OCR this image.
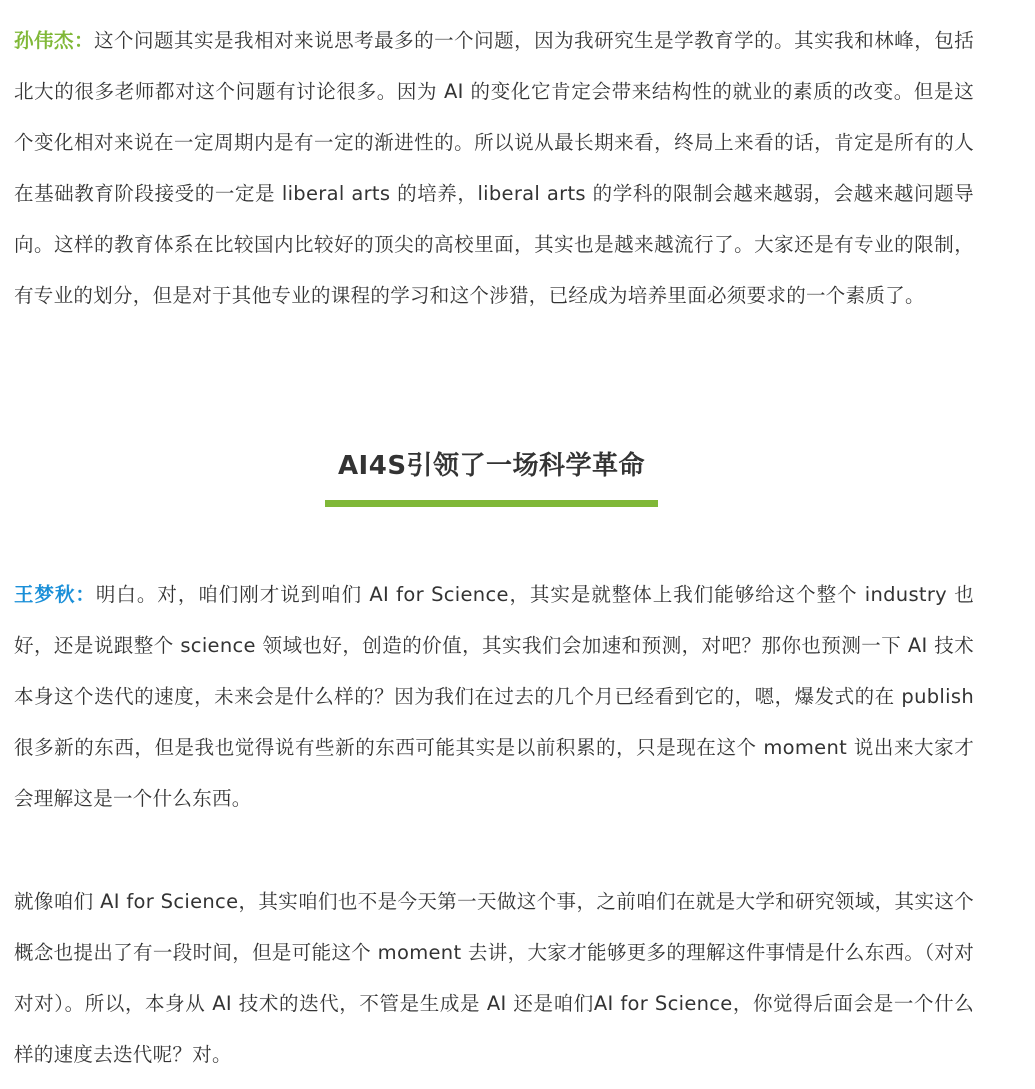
孙伟杰：这个问题其实是我相对来说思考最多的一个问题，因为我研究生是学教育学的。其实我和林峰，包括北大的很多老师都对这个问题有讨论很多。因为 AI 的变化它肯定会带来结构性的就业的素质的改变。但是这个变化相对来说在一定周期内是有一定的渐进性的。所以说从最长期来看，终局上来看的话，肯定是所有的人在基础教育阶段接受的一定是 liberal arts 的培养，liberal arts 的学科的限制会越来越弱，会越来越问题导向。这样的教育体系在比较国内比较好的顶尖的高校里面，其实也是越来越流行了。大家还是有专业的限制，有专业的划分，但是对于其他专业的课程的学习和这个涉猎，已经成为培养里面必须要求的一个素质了。

AI4S引领了一场科学革命

王梦秋：明白。对，咱们刚才说到咱们 AI for Science，其实是就整体上我们能够给这个整个 industry 也好，还是说跟整个 science 领域也好，创造的价值，其实我们会加速和预测，对吧？那你也预测一下 AI 技术本身这个迭代的速度，未来会是什么样的？因为我们在过去的几个月已经看到它的，嗯，爆发式的在 publish 很多新的东西，但是我也觉得说有些新的东西可能其实是以前积累的，只是现在这个 moment 说出来大家才会理解这是一个什么东西。

就像咱们 AI for Science，其实咱们也不是今天第一天做这个事，之前咱们在就是大学和研究领域，其实这个概念也提出了有一段时间，但是可能这个 moment 去讲，大家才能够更多的理解这件事情是什么东西。（对对对对）。所以，本身从 AI 技术的迭代，不管是生成是 AI 还是咱们AI for Science，你觉得后面会是一个什么样的速度去迭代呢？对。
